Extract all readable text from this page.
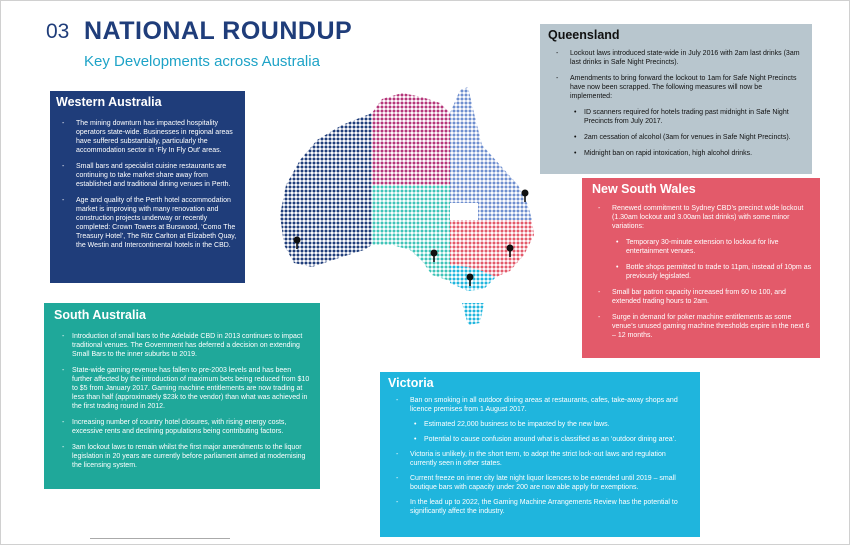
03 NATIONAL ROUNDUP
Key Developments across Australia
Western Australia
- The mining downturn has impacted hospitality operators state-wide. Businesses in regional areas have suffered substantially, particularly the accommodation sector in ‘Fly In Fly Out’ areas.
- Small bars and specialist cuisine restaurants are continuing to take market share away from established and traditional dining venues in Perth.
- Age and quality of the Perth hotel accommodation market is improving with many renovation and construction projects underway or recently completed: Crown Towers at Burswood, ‘Como The Treasury Hotel’, The Ritz Carlton at Elizabeth Quay, the Westin and Intercontinental hotels in the CBD.
South Australia
- Introduction of small bars to the Adelaide CBD in 2013 continues to impact traditional venues. The Government has deferred a decision on extending Small Bars to the inner suburbs to 2019.
- State-wide gaming revenue has fallen to pre-2003 levels and has been further affected by the introduction of maximum bets being reduced from $10 to $5 from January 2017. Gaming machine entitlements are now trading at less than half (approximately $23k to the vendor) than what was achieved in the first trading round in 2012.
- Increasing number of country hotel closures, with rising energy costs, excessive rents and declining populations being contributing factors.
- 3am lockout laws to remain whilst the first major amendments to the liquor legislation in 20 years are currently before parliament aimed at modernising the licensing system.
Queensland
- Lockout laws introduced state-wide in July 2016 with 2am last drinks (3am last drinks in Safe Night Precincts).
- Amendments to bring forward the lockout to 1am for Safe Night Precincts have now been scrapped. The following measures will now be implemented:
• ID scanners required for hotels trading past midnight in Safe Night Precincts from July 2017.
• 2am cessation of alcohol (3am for venues in Safe Night Precincts).
• Midnight ban on rapid intoxication, high alcohol drinks.
New South Wales
- Renewed commitment to Sydney CBD’s precinct wide lockout (1.30am lockout and 3.00am last drinks) with some minor variations:
• Temporary 30-minute extension to lockout for live entertainment venues.
• Bottle shops permitted to trade to 11pm, instead of 10pm as previously legislated.
- Small bar patron capacity increased from 60 to 100, and extended trading hours to 2am.
- Surge in demand for poker machine entitlements as some venue’s unused gaming machine thresholds expire in the next 6 – 12 months.
Victoria
- Ban on smoking in all outdoor dining areas at restaurants, cafes, take-away shops and licence premises from 1 August 2017.
• Estimated 22,000 business to be impacted by the new laws.
• Potential to cause confusion around what is classified as an ‘outdoor dining area’.
- Victoria is unlikely, in the short term, to adopt the strict lock-out laws and regulation currently seen in other states.
- Current freeze on inner city late night liquor licences to be extended until 2019 – small boutique bars with capacity under 200 are now able apply for exemptions.
- In the lead up to 2022, the Gaming Machine Arrangements Review has the potential to significantly affect the industry.
